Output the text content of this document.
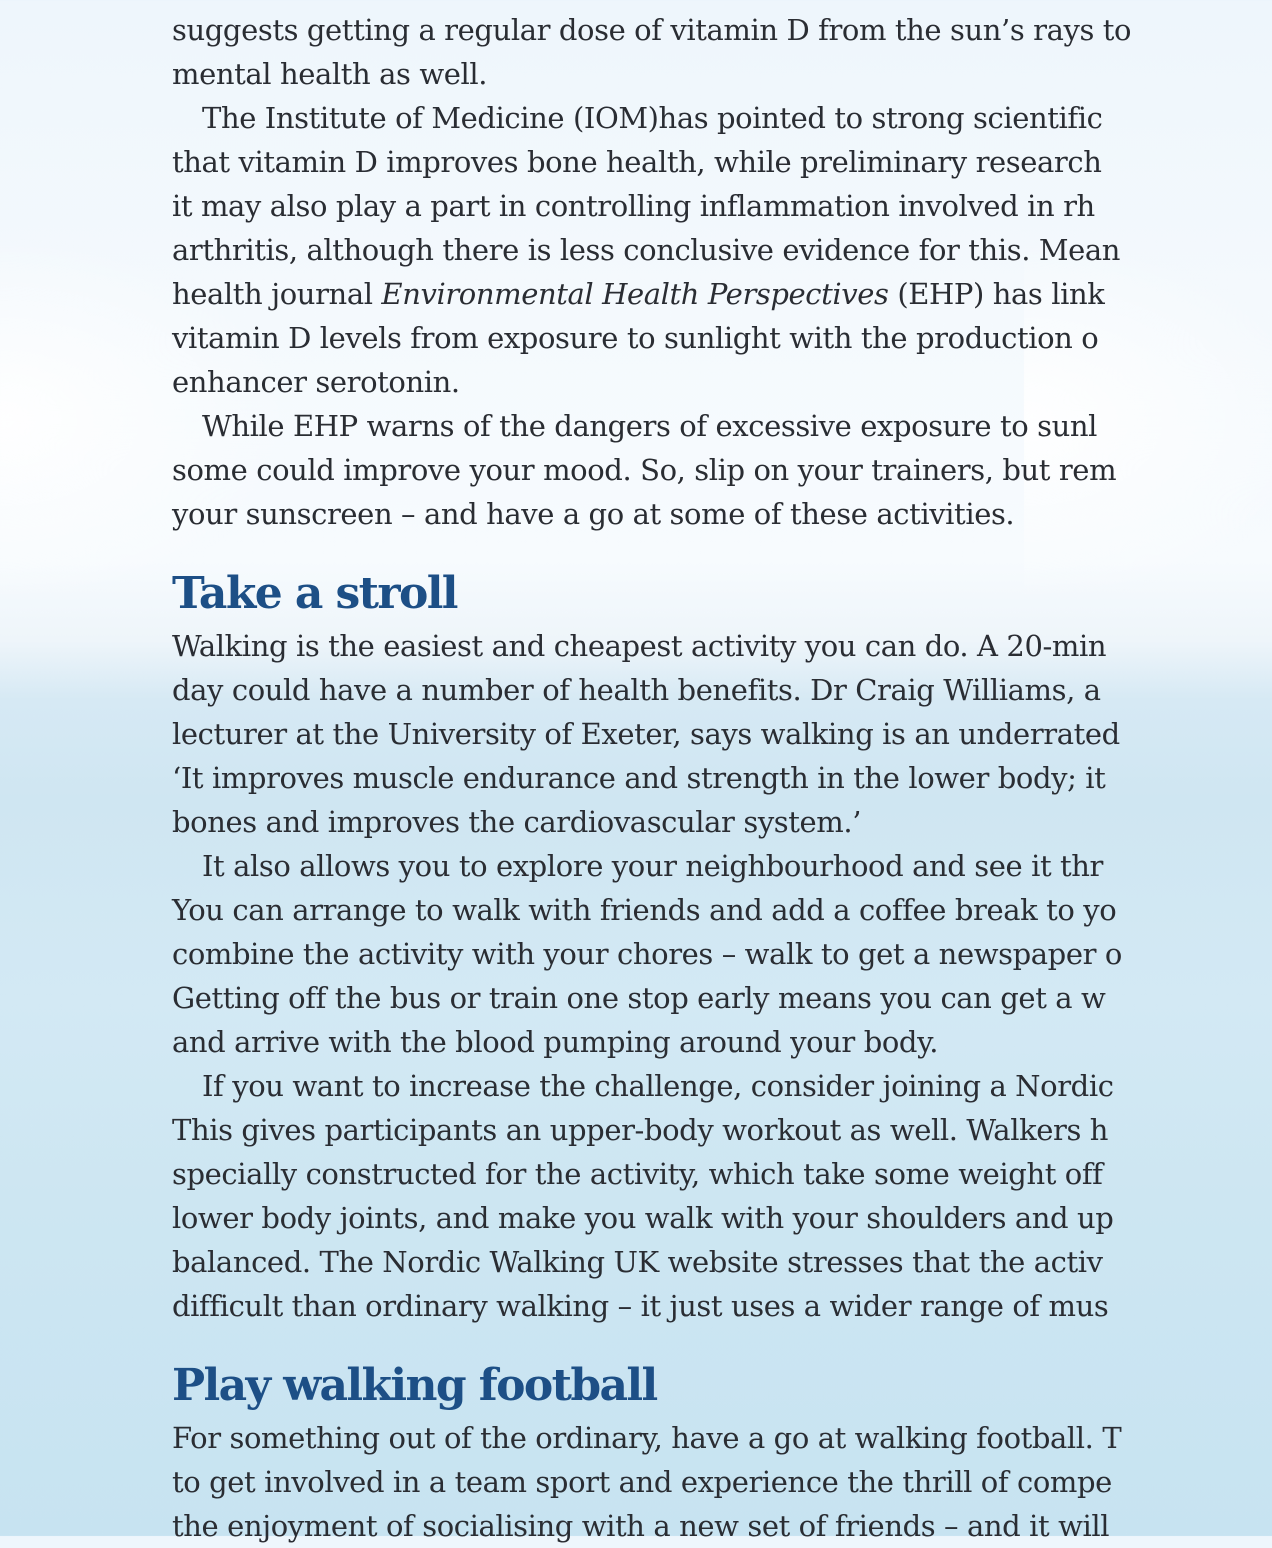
suggests getting a regular dose of vitamin D from the sun’s rays to
mental health as well.
The Institute of Medicine (IOM)has pointed to strong scientific
that vitamin D improves bone health, while preliminary research
it may also play a part in controlling inflammation involved in rh
arthritis, although there is less conclusive evidence for this. Mean
health journal Environmental Health Perspectives (EHP) has link
vitamin D levels from exposure to sunlight with the production o
enhancer serotonin.
While EHP warns of the dangers of excessive exposure to sunl
some could improve your mood. So, slip on your trainers, but rem
your sunscreen – and have a go at some of these activities.
Take a stroll
Walking is the easiest and cheapest activity you can do. A 20-min
day could have a number of health benefits. Dr Craig Williams, a
lecturer at the University of Exeter, says walking is an underrated
‘It improves muscle endurance and strength in the lower body; it
bones and improves the cardiovascular system.’
It also allows you to explore your neighbourhood and see it thr
You can arrange to walk with friends and add a coffee break to yo
combine the activity with your chores – walk to get a newspaper o
Getting off the bus or train one stop early means you can get a w
and arrive with the blood pumping around your body.
If you want to increase the challenge, consider joining a Nordic
This gives participants an upper-body workout as well. Walkers h
specially constructed for the activity, which take some weight off
lower body joints, and make you walk with your shoulders and up
balanced. The Nordic Walking UK website stresses that the activ
difficult than ordinary walking – it just uses a wider range of mus
Play walking football
For something out of the ordinary, have a go at walking football. T
to get involved in a team sport and experience the thrill of compe
the enjoyment of socialising with a new set of friends – and it will
